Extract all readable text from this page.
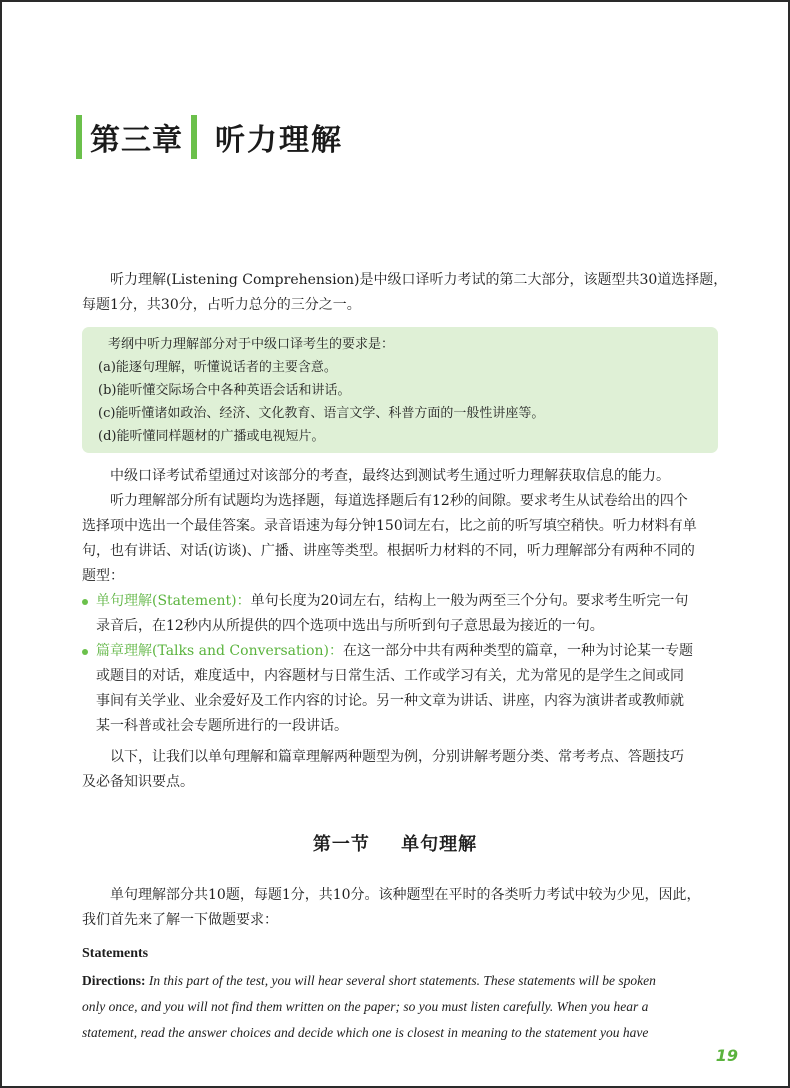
第三章	听力理解
听力理解(Listening Comprehension)是中级口译听力考试的第二大部分，该题型共30道选择题，
每题1分，共30分，占听力总分的三分之一。
考纲中听力理解部分对于中级口译考生的要求是：
(a)能逐句理解，听懂说话者的主要含意。
(b)能听懂交际场合中各种英语会话和讲话。
(c)能听懂诸如政治、经济、文化教育、语言文学、科普方面的一般性讲座等。
(d)能听懂同样题材的广播或电视短片。
中级口译考试希望通过对该部分的考查，最终达到测试考生通过听力理解获取信息的能力。
听力理解部分所有试题均为选择题，每道选择题后有12秒的间隙。要求考生从试卷给出的四个
选择项中选出一个最佳答案。录音语速为每分钟150词左右，比之前的听写填空稍快。听力材料有单
句，也有讲话、对话(访谈)、广播、讲座等类型。根据听力材料的不同，听力理解部分有两种不同的
题型：
单句理解(Statement)：单句长度为20词左右，结构上一般为两至三个分句。要求考生听完一句
录音后，在12秒内从所提供的四个选项中选出与所听到句子意思最为接近的一句。
篇章理解(Talks and Conversation)：在这一部分中共有两种类型的篇章，一种为讨论某一专题
或题目的对话，难度适中，内容题材与日常生活、工作或学习有关，尤为常见的是学生之间或同
事间有关学业、业余爱好及工作内容的讨论。另一种文章为讲话、讲座，内容为演讲者或教师就
某一科普或社会专题所进行的一段讲话。
以下，让我们以单句理解和篇章理解两种题型为例，分别讲解考题分类、常考考点、答题技巧
及必备知识要点。
第一节 单句理解
单句理解部分共10题，每题1分，共10分。该种题型在平时的各类听力考试中较为少见，因此，
我们首先来了解一下做题要求：
Statements
Directions: In this part of the test, you will hear several short statements. These statements will be spoken
only once, and you will not find them written on the paper; so you must listen carefully. When you hear a
statement, read the answer choices and decide which one is closest in meaning to the statement you have
19
